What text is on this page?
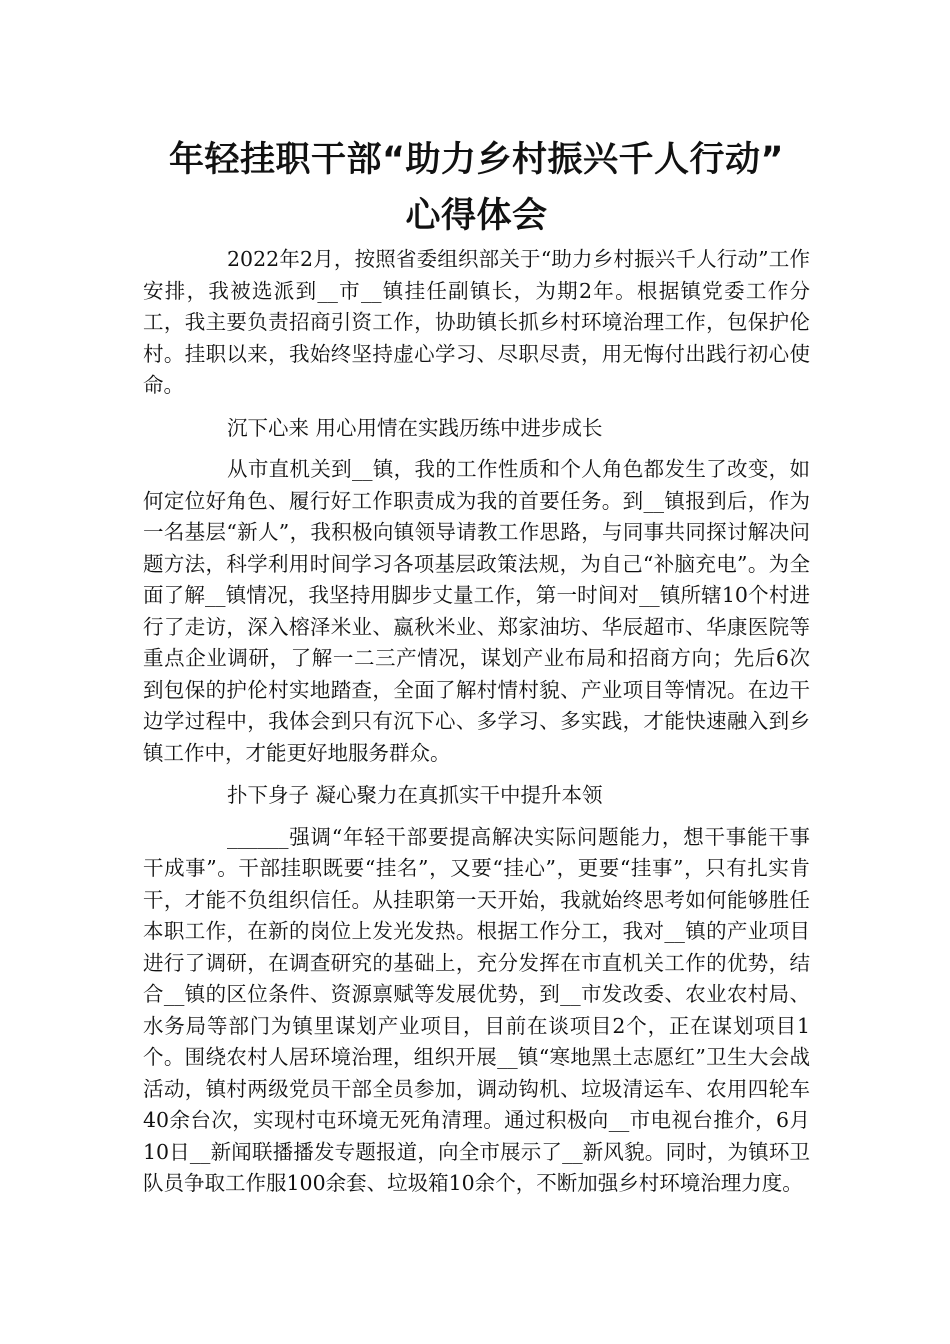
年轻挂职干部“助力乡村振兴千人行动”
心得体会

2022年2月，按照省委组织部关于“助力乡村振兴千人行动”工作安排，我被选派到__市__镇挂任副镇长，为期2年。根据镇党委工作分工，我主要负责招商引资工作，协助镇长抓乡村环境治理工作，包保护伦村。挂职以来，我始终坚持虚心学习、尽职尽责，用无悔付出践行初心使命。

沉下心来 用心用情在实践历练中进步成长

从市直机关到__镇，我的工作性质和个人角色都发生了改变，如何定位好角色、履行好工作职责成为我的首要任务。到__镇报到后，作为一名基层“新人”，我积极向镇领导请教工作思路，与同事共同探讨解决问题方法，科学利用时间学习各项基层政策法规，为自己“补脑充电”。为全面了解__镇情况，我坚持用脚步丈量工作，第一时间对__镇所辖10个村进行了走访，深入榕泽米业、嬴秋米业、郑家油坊、华辰超市、华康医院等重点企业调研，了解一二三产情况，谋划产业布局和招商方向；先后6次到包保的护伦村实地踏查，全面了解村情村貌、产业项目等情况。在边干边学过程中，我体会到只有沉下心、多学习、多实践，才能快速融入到乡镇工作中，才能更好地服务群众。

扑下身子 凝心聚力在真抓实干中提升本领

______强调“年轻干部要提高解决实际问题能力，想干事能干事干成事”。干部挂职既要“挂名”，又要“挂心”，更要“挂事”，只有扎实肯干，才能不负组织信任。从挂职第一天开始，我就始终思考如何能够胜任本职工作，在新的岗位上发光发热。根据工作分工，我对__镇的产业项目进行了调研，在调查研究的基础上，充分发挥在市直机关工作的优势，结合__镇的区位条件、资源禀赋等发展优势，到__市发改委、农业农村局、水务局等部门为镇里谋划产业项目，目前在谈项目2个，正在谋划项目1个。围绕农村人居环境治理，组织开展__镇“寒地黑土志愿红”卫生大会战活动，镇村两级党员干部全员参加，调动钩机、垃圾清运车、农用四轮车40余台次，实现村屯环境无死角清理。通过积极向__市电视台推介，6月10日__新闻联播播发专题报道，向全市展示了__新风貌。同时，为镇环卫队员争取工作服100余套、垃圾箱10余个，不断加强乡村环境治理力度。
